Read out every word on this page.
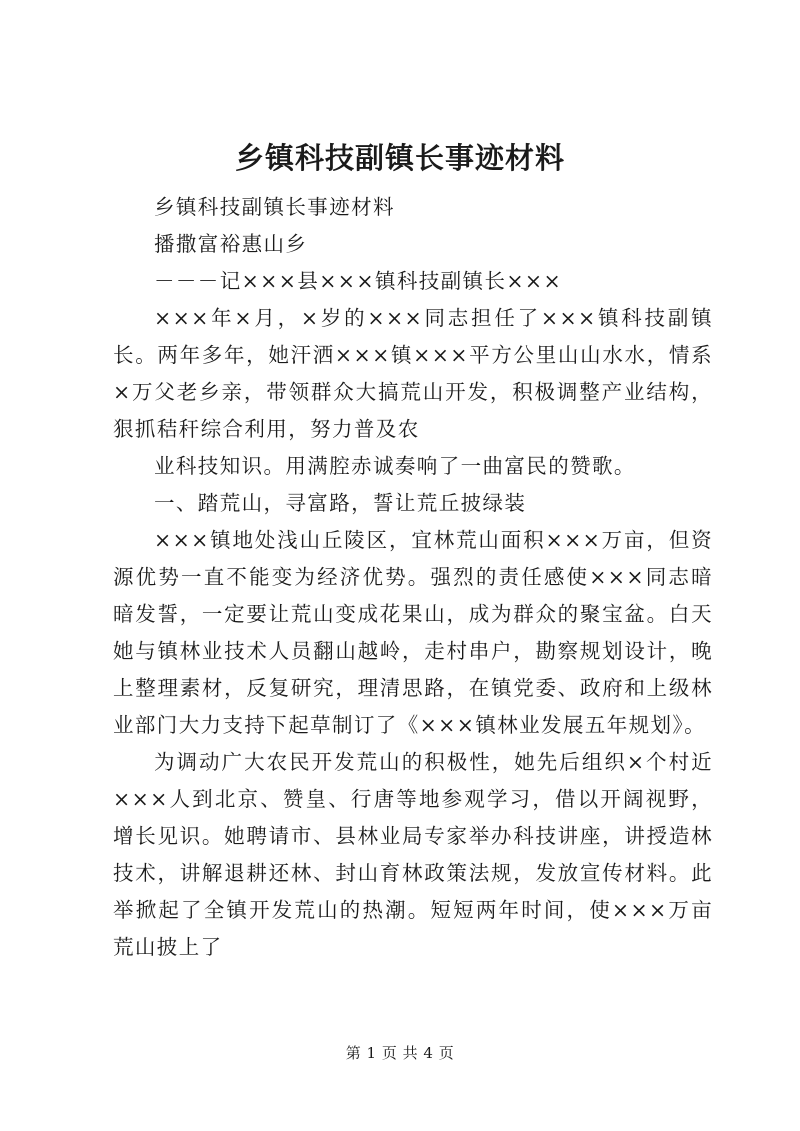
乡镇科技副镇长事迹材料

乡镇科技副镇长事迹材料

播撒富裕惠山乡

－－－记×××县×××镇科技副镇长×××

×××年×月，×岁的×××同志担任了×××镇科技副镇长。两年多年，她汗洒×××镇×××平方公里山山水水，情系×万父老乡亲，带领群众大搞荒山开发，积极调整产业结构，狠抓秸秆综合利用，努力普及农

业科技知识。用满腔赤诚奏响了一曲富民的赞歌。

一、踏荒山，寻富路，誓让荒丘披绿装

×××镇地处浅山丘陵区，宜林荒山面积×××万亩，但资源优势一直不能变为经济优势。强烈的责任感使×××同志暗暗发誓，一定要让荒山变成花果山，成为群众的聚宝盆。白天她与镇林业技术人员翻山越岭，走村串户，勘察规划设计，晚上整理素材，反复研究，理清思路，在镇党委、政府和上级林业部门大力支持下起草制订了《×××镇林业发展五年规划》。

为调动广大农民开发荒山的积极性，她先后组织×个村近×××人到北京、赞皇、行唐等地参观学习，借以开阔视野，增长见识。她聘请市、县林业局专家举办科技讲座，讲授造林技术，讲解退耕还林、封山育林政策法规，发放宣传材料。此举掀起了全镇开发荒山的热潮。短短两年时间，使×××万亩荒山披上了

第 1 页 共 4 页
